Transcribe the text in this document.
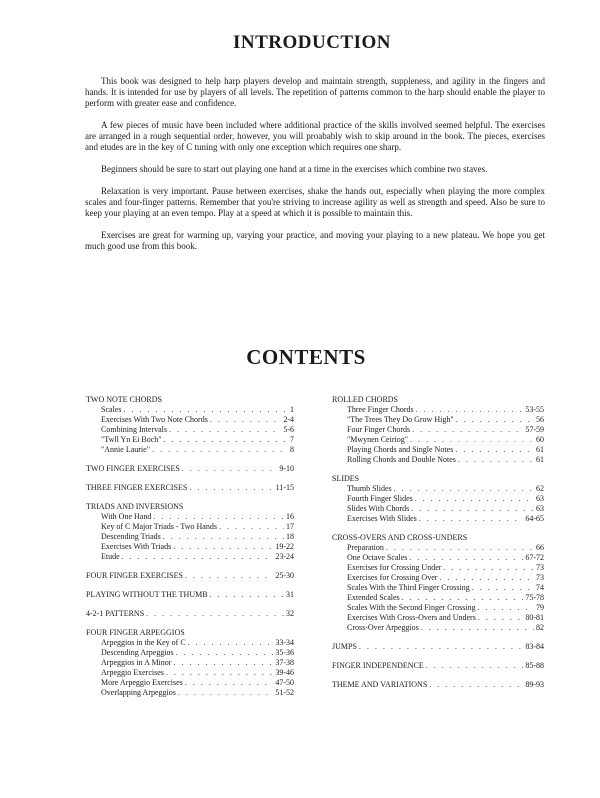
INTRODUCTION

This book was designed to help harp players develop and maintain strength, suppleness, and agility in the fingers and hands. It is intended for use by players of all levels. The repetition of patterns common to the harp should enable the player to perform with greater ease and confidence.

A few pieces of music have been included where additional practice of the skills involved seemed helpful. The exercises are arranged in a rough sequential order, however, you will proabably wish to skip around in the book. The pieces, exercises and etudes are in the key of C tuning with only one exception which requires one sharp.

Beginners should be sure to start out playing one hand at a time in the exercises which combine two staves.

Relaxation is very important. Pause between exercises, shake the hands out, especially when playing the more complex scales and four-finger patterns. Remember that you're striving to increase agility as well as strength and speed. Also be sure to keep your playing at an even tempo. Play at a speed at which it is possible to maintain this.

Exercises are great for warming up, varying your practice, and moving your playing to a new plateau. We hope you get much good use from this book.

CONTENTS
TWO NOTE CHORDS
Scales . . .	1
Exercises With Two Note Chords . . .	2-4
Combining Intervals . . .	5-6
"Twll Yn Ei Boch" . . .	7
"Annie Laurie" . . .	8
TWO FINGER EXERCISES . . .	9-10
THREE FINGER EXERCISES . . .	11-15
TRIADS AND INVERSIONS
With One Hand . . .	16
Key of C Major Triads - Two Hands . . .	17
Descending Triads . . .	18
Exercises With Triads . . .	19-22
Etude . . .	23-24
FOUR FINGER EXERCISES . . .	25-30
PLAYING WITHOUT THE THUMB . . .	31
4-2-1 PATTERNS . . .	32
FOUR FINGER ARPEGGIOS
Arpeggios in the Key of C . . .	33-34
Descending Arpeggios . . .	35-36
Arpeggios in A Minor . . .	37-38
Arpeggio Exercises . . .	39-46
More Arpeggio Exercises . . .	47-50
Overlapping Arpeggios . . .	51-52
ROLLED CHORDS
Three Finger Chords . . .	53-55
"The Trees They Do Grow High" . . .	56
Four Finger Chords . . .	57-59
"Mwynen Ceiriog" . . .	60
Playing Chords and Single Notes . . .	61
Rolling Chords and Double Notes . . .	61
SLIDES
Thumb Slides . . .	62
Fourth Finger Slides . . .	63
Slides With Chords . . .	63
Exercises With Slides . . .	64-65
CROSS-OVERS AND CROSS-UNDERS
Preparation . . .	66
One Octave Scales . . .	67-72
Exercises for Crossing Under . . .	73
Exercises for Crossing Over . . .	73
Scales With the Third Finger Crossing . . .	74
Extended Scales . . .	75-78
Scales With the Second Finger Crossing . . .	79
Exercises With Cross-Overs and Unders . . .	80-81
Cross-Over Arpeggios . . .	82
JUMPS . . .	83-84
FINGER INDEPENDENCE . . .	85-88
THEME AND VARIATIONS . . .	89-93
